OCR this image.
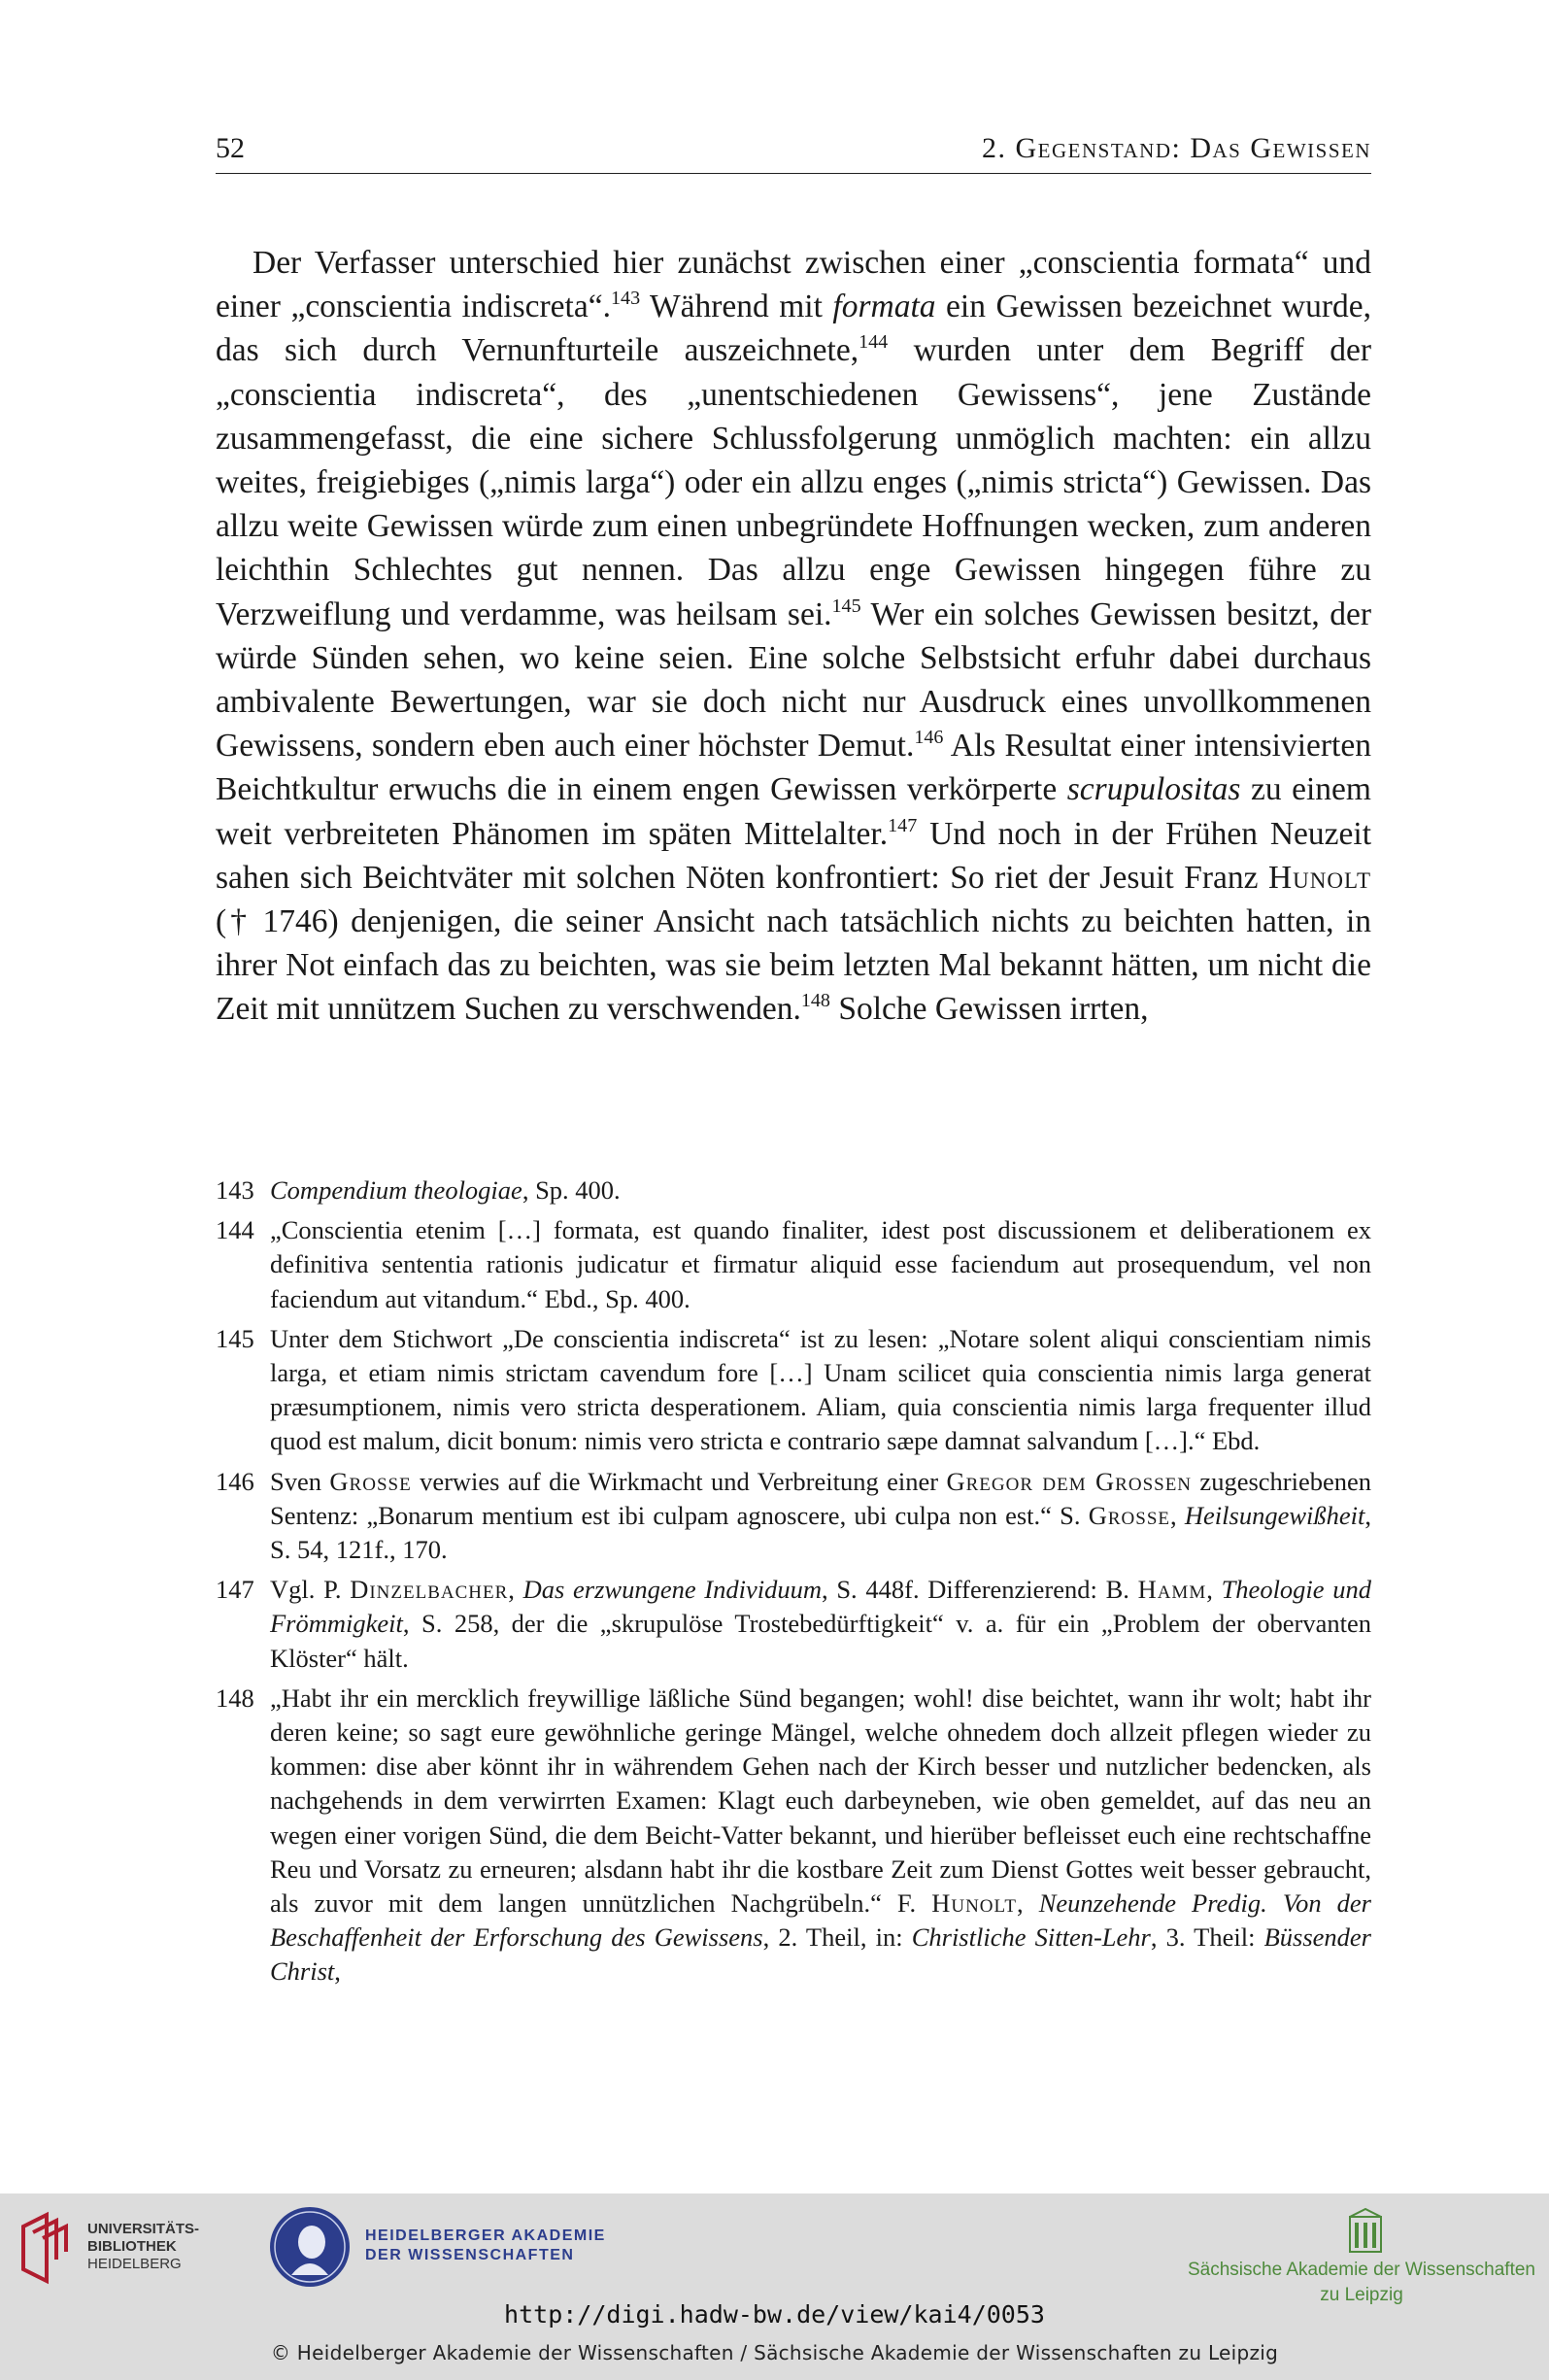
52	2. Gegenstand: Das Gewissen

Der Verfasser unterschied hier zunächst zwischen einer „conscientia formata“ und einer „conscientia indiscreta“.$^{143}$ Während mit formata ein Gewissen bezeichnet wurde, das sich durch Vernunfturteile auszeichnete,$^{144}$ wurden unter dem Begriff der „conscientia indiscreta“, des „unentschiedenen Gewissens“, jene Zustände zusammengefasst, die eine sichere Schlussfolgerung unmöglich machten: ein allzu weites, freigiebiges („nimis larga“) oder ein allzu enges („nimis stricta“) Gewissen. Das allzu weite Gewissen würde zum einen unbegründete Hoffnungen wecken, zum anderen leichthin Schlechtes gut nennen. Das allzu enge Gewissen hingegen führe zu Verzweiflung und verdamme, was heilsam sei.$^{145}$ Wer ein solches Gewissen besitzt, der würde Sünden sehen, wo keine seien. Eine solche Selbstsicht erfuhr dabei durchaus ambivalente Bewertungen, war sie doch nicht nur Ausdruck eines unvollkommenen Gewissens, sondern eben auch einer höchster Demut.$^{146}$ Als Resultat einer intensivierten Beichtkultur erwuchs die in einem engen Gewissen verkörperte scrupulositas zu einem weit verbreiteten Phänomen im späten Mittelalter.$^{147}$ Und noch in der Frühen Neuzeit sahen sich Beichtväter mit solchen Nöten konfrontiert: So riet der Jesuit Franz Hunolt († 1746) denjenigen, die seiner Ansicht nach tatsächlich nichts zu beichten hatten, in ihrer Not einfach das zu beichten, was sie beim letzten Mal bekannt hätten, um nicht die Zeit mit unnützem Suchen zu verschwenden.$^{148}$ Solche Gewissen irrten,

143 Compendium theologiae, Sp. 400.
144 „Conscientia etenim […] formata, est quando finaliter, idest post discussionem et deliberationem ex definitiva sententia rationis judicatur et firmatur aliquid esse faciendum aut prosequendum, vel non faciendum aut vitandum.“ Ebd., Sp. 400.
145 Unter dem Stichwort „De conscientia indiscreta“ ist zu lesen: „Notare solent aliqui conscientiam nimis larga, et etiam nimis strictam cavendum fore […] Unam scilicet quia conscientia nimis larga generat præsumptionem, nimis vero stricta desperationem. Aliam, quia conscientia nimis larga frequenter illud quod est malum, dicit bonum: nimis vero stricta e contrario sæpe damnat salvandum […].“ Ebd.
146 Sven Grosse verwies auf die Wirkmacht und Verbreitung einer Gregor dem Grossen zugeschriebenen Sentenz: „Bonarum mentium est ibi culpam agnoscere, ubi culpa non est.“ S. Grosse, Heilsungewißheit, S. 54, 121f., 170.
147 Vgl. P. Dinzelbacher, Das erzwungene Individuum, S. 448f. Differenzierend: B. Hamm, Theologie und Frömmigkeit, S. 258, der die „skrupulöse Trostebedürftigkeit“ v. a. für ein „Problem der obervanten Klöster“ hält.
148 „Habt ihr ein mercklich freywillige läßliche Sünd begangen; wohl! dise beichtet, wann ihr wolt; habt ihr deren keine; so sagt eure gewöhnliche geringe Mängel, welche ohnedem doch allzeit pflegen wieder zu kommen: dise aber könnt ihr in währendem Gehen nach der Kirch besser und nutzlicher bedencken, als nachgehends in dem verwirrten Examen: Klagt euch darbeyneben, wie oben gemeldet, auf das neu an wegen einer vorigen Sünd, die dem Beicht-Vatter bekannt, und hierüber befleisset euch eine rechtschaffne Reu und Vorsatz zu erneuren; alsdann habt ihr die kostbare Zeit zum Dienst Gottes weit besser gebraucht, als zuvor mit dem langen unnützlichen Nachgrübeln.“ F. Hunolt, Neunzehende Predig. Von der Beschaffenheit der Erforschung des Gewissens, 2. Theil, in: Christliche Sitten-Lehr, 3. Theil: Büssender Christ,
UNIVERSITÄTS-
BIBLIOTHEK
HEIDELBERG
HEIDELBERGER AKADEMIE
DER WISSENSCHAFTEN
Sächsische Akademie der Wissenschaften
zu Leipzig
http://digi.hadw-bw.de/view/kai4/0053
© Heidelberger Akademie der Wissenschaften / Sächsische Akademie der Wissenschaften zu Leipzig
